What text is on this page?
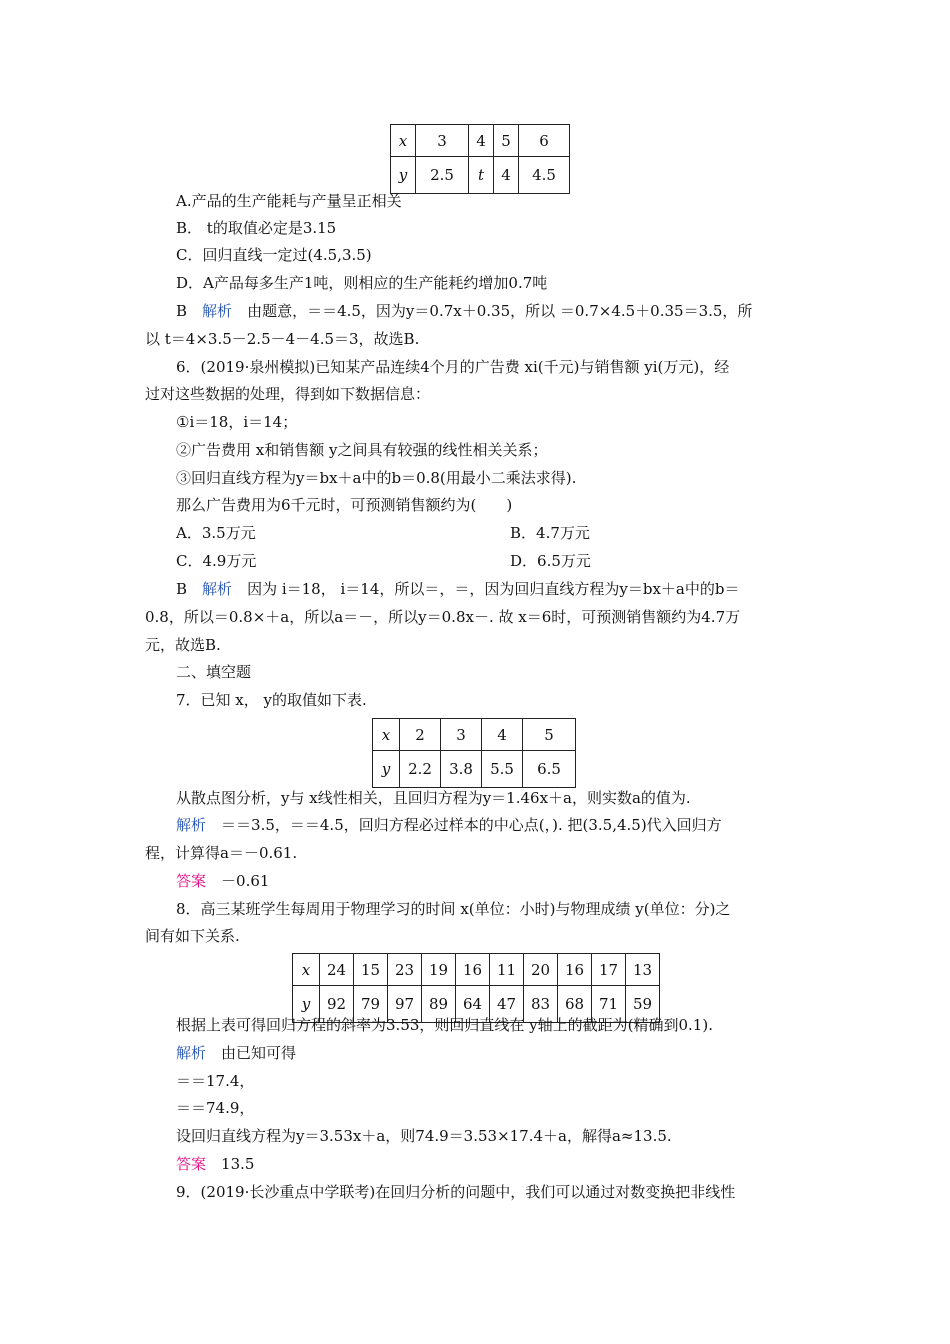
x	3	4	5	6
y	2.5	t	4	4.5
A.产品的生产能耗与产量呈正相关
B． t的取值必定是3.15
C．回归直线一定过(4.5,3.5)
D．A产品每多生产1吨，则相应的生产能耗约增加0.7吨
B　 解析　 由题意，＝＝4.5，因为y＝0.7x＋0.35，所以 ＝0.7×4.5＋0.35＝3.5，所
以 t＝4×3.5－2.5－4－4.5＝3，故选B.
6．(2019·泉州模拟)已知某产品连续4个月的广告费 xi(千元)与销售额 yi(万元)，经
过对这些数据的处理，得到如下数据信息：
①i＝18，i＝14；
②广告费用 x和销售额 y之间具有较强的线性相关关系；
③回归直线方程为y＝bx＋a中的b＝0.8(用最小二乘法求得).
那么广告费用为6千元时，可预测销售额约为(　　)
A．3.5万元	B．4.7万元
C．4.9万元	D．6.5万元
B　 解析　 因为 i＝18， i＝14，所以＝，＝，因为回归直线方程为y＝bx＋a中的b＝
0.8，所以＝0.8×＋a，所以a＝－，所以y＝0.8x－. 故 x＝6时，可预测销售额约为4.7万
元，故选B.
二、填空题
7．已知 x， y的取值如下表.
x	2	3	4	5
y	2.2	3.8	5.5	6.5
从散点图分析，y与 x线性相关，且回归方程为y＝1.46x＋a，则实数a的值为.
解析　 ＝＝3.5，＝＝4.5，回归方程必过样本的中心点(，). 把(3.5,4.5)代入回归方
程，计算得a＝－0.61.
答案　 －0.61
8．高三某班学生每周用于物理学习的时间 x(单位：小时)与物理成绩 y(单位：分)之
间有如下关系.
x	24	15	23	19	16	11	20	16	17	13
y	92	79	97	89	64	47	83	68	71	59
根据上表可得回归方程的斜率为3.53，则回归直线在 y轴上的截距为(精确到0.1).
解析　 由已知可得
＝＝17.4，
＝＝74.9，
设回归直线方程为y＝3.53x＋a，则74.9＝3.53×17.4＋a，解得a≈13.5.
答案　 13.5
9．(2019·长沙重点中学联考)在回归分析的问题中，我们可以通过对数变换把非线性
